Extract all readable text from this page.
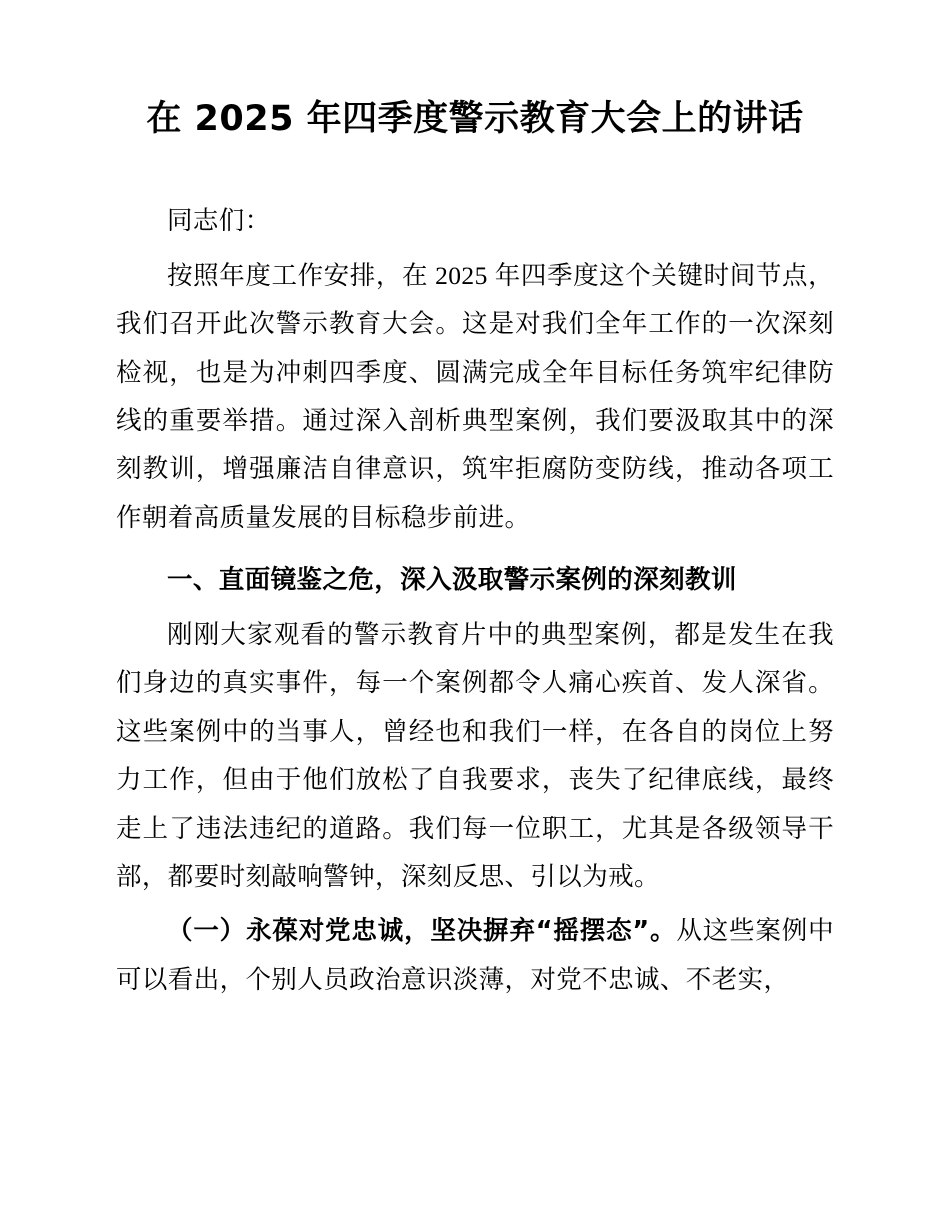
在 2025 年四季度警示教育大会上的讲话

同志们：

按照年度工作安排，在 2025 年四季度这个关键时间节点，我们召开此次警示教育大会。这是对我们全年工作的一次深刻检视，也是为冲刺四季度、圆满完成全年目标任务筑牢纪律防线的重要举措。通过深入剖析典型案例，我们要汲取其中的深刻教训，增强廉洁自律意识，筑牢拒腐防变防线，推动各项工作朝着高质量发展的目标稳步前进。

一、直面镜鉴之危，深入汲取警示案例的深刻教训

刚刚大家观看的警示教育片中的典型案例，都是发生在我们身边的真实事件，每一个案例都令人痛心疾首、发人深省。这些案例中的当事人，曾经也和我们一样，在各自的岗位上努力工作，但由于他们放松了自我要求，丧失了纪律底线，最终走上了违法违纪的道路。我们每一位职工，尤其是各级领导干部，都要时刻敲响警钟，深刻反思、引以为戒。

（一）永葆对党忠诚，坚决摒弃“摇摆态”。从这些案例中可以看出，个别人员政治意识淡薄，对党不忠诚、不老实，
